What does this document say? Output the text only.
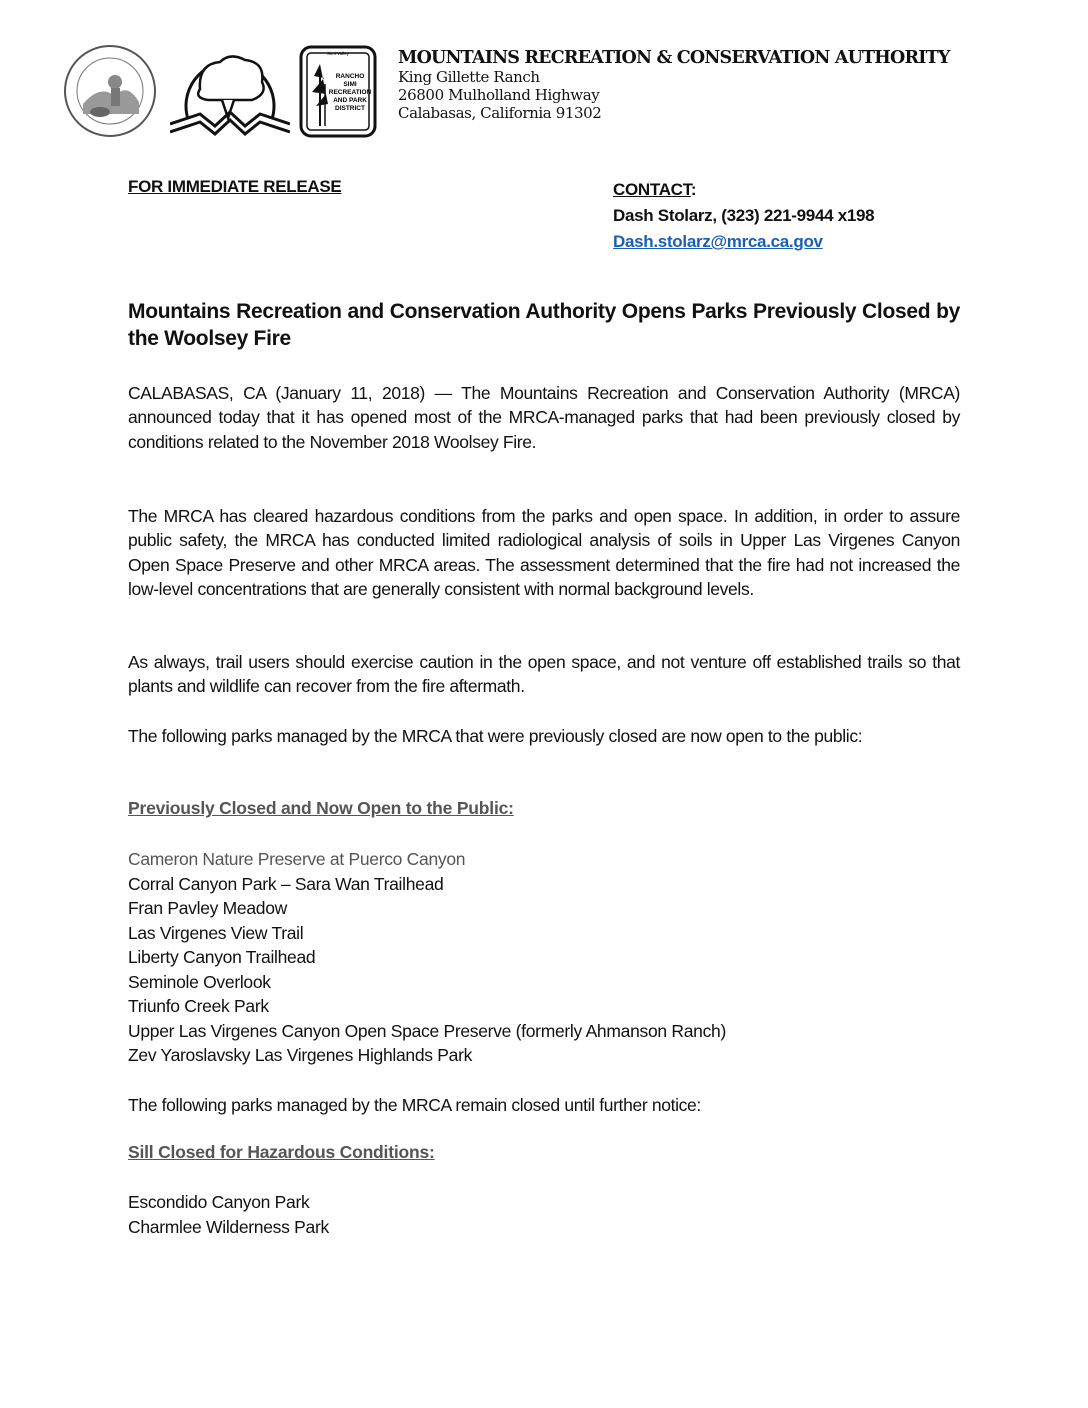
RANCHO
SIMI
RECREATION
AND PARK
DISTRICT
Simi Valley	MOUNTAINS RECREATION & CONSERVATION AUTHORITY
King Gillette Ranch
26800 Mulholland Highway
Calabasas, California 91302
FOR IMMEDIATE RELEASE	CONTACT:
Dash Stolarz, (323) 221-9944 x198
Dash.stolarz@mrca.ca.gov
Mountains Recreation and Conservation Authority Opens Parks Previously Closed by the Woolsey Fire

CALABASAS, CA (January 11, 2018) — The Mountains Recreation and Conservation Authority (MRCA) announced today that it has opened most of the MRCA-managed parks that had been previously closed by conditions related to the November 2018 Woolsey Fire.

The MRCA has cleared hazardous conditions from the parks and open space. In addition, in order to assure public safety, the MRCA has conducted limited radiological analysis of soils in Upper Las Virgenes Canyon Open Space Preserve and other MRCA areas. The assessment determined that the fire had not increased the low-level concentrations that are generally consistent with normal background levels.

As always, trail users should exercise caution in the open space, and not venture off established trails so that plants and wildlife can recover from the fire aftermath.

The following parks managed by the MRCA that were previously closed are now open to the public:

Previously Closed and Now Open to the Public:
Cameron Nature Preserve at Puerco Canyon
Corral Canyon Park – Sara Wan Trailhead
Fran Pavley Meadow
Las Virgenes View Trail
Liberty Canyon Trailhead
Seminole Overlook
Triunfo Creek Park
Upper Las Virgenes Canyon Open Space Preserve (formerly Ahmanson Ranch)
Zev Yaroslavsky Las Virgenes Highlands Park

The following parks managed by the MRCA remain closed until further notice:

Sill Closed for Hazardous Conditions:
Escondido Canyon Park
Charmlee Wilderness Park
